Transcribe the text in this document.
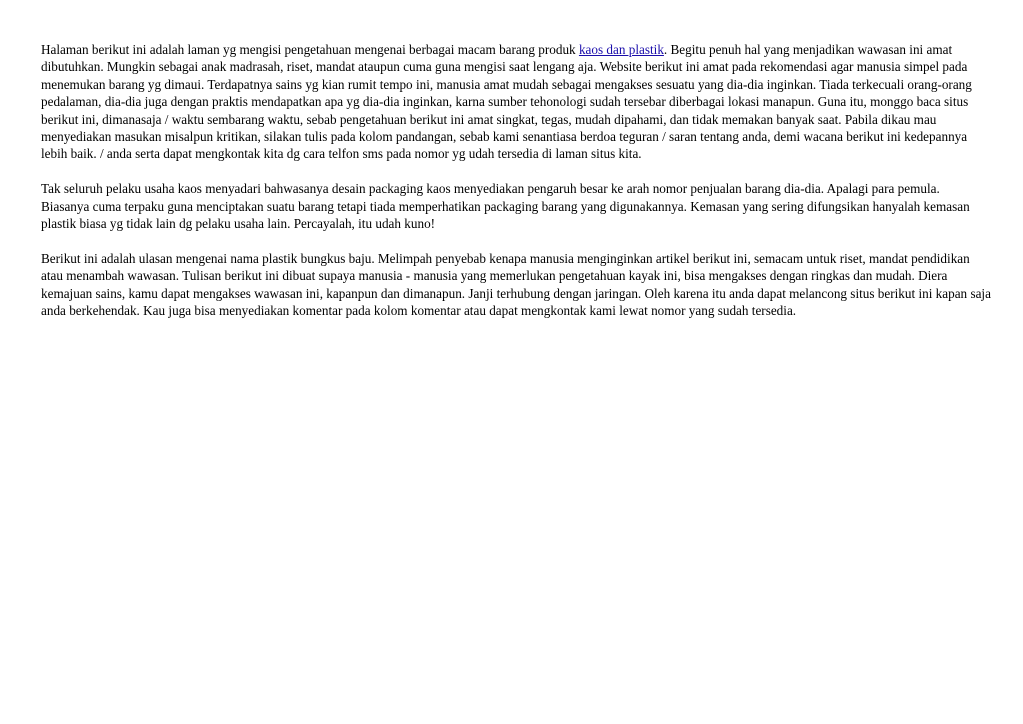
Halaman berikut ini adalah laman yg mengisi pengetahuan mengenai berbagai macam barang produk kaos dan plastik. Begitu penuh hal yang menjadikan wawasan ini amat dibutuhkan. Mungkin sebagai anak madrasah, riset, mandat ataupun cuma guna mengisi saat lengang aja. Website berikut ini amat pada rekomendasi agar manusia simpel pada menemukan barang yg dimaui. Terdapatnya sains yg kian rumit tempo ini, manusia amat mudah sebagai mengakses sesuatu yang dia-dia inginkan. Tiada terkecuali orang-orang pedalaman, dia-dia juga dengan praktis mendapatkan apa yg dia-dia inginkan, karna sumber tehonologi sudah tersebar diberbagai lokasi manapun. Guna itu, monggo baca situs berikut ini, dimanasaja / waktu sembarang waktu, sebab pengetahuan berikut ini amat singkat, tegas, mudah dipahami, dan tidak memakan banyak saat. Pabila dikau mau menyediakan masukan misalpun kritikan, silakan tulis pada kolom pandangan, sebab kami senantiasa berdoa teguran / saran tentang anda, demi wacana berikut ini kedepannya lebih baik. / anda serta dapat mengkontak kita dg cara telfon sms pada nomor yg udah tersedia di laman situs kita.

Tak seluruh pelaku usaha kaos menyadari bahwasanya desain packaging kaos menyediakan pengaruh besar ke arah nomor penjualan barang dia-dia. Apalagi para pemula. Biasanya cuma terpaku guna menciptakan suatu barang tetapi tiada memperhatikan packaging barang yang digunakannya. Kemasan yang sering difungsikan hanyalah kemasan plastik biasa yg tidak lain dg pelaku usaha lain. Percayalah, itu udah kuno!

Berikut ini adalah ulasan mengenai nama plastik bungkus baju. Melimpah penyebab kenapa manusia menginginkan artikel berikut ini, semacam untuk riset, mandat pendidikan atau menambah wawasan. Tulisan berikut ini dibuat supaya manusia - manusia yang memerlukan pengetahuan kayak ini, bisa mengakses dengan ringkas dan mudah. Diera kemajuan sains, kamu dapat mengakses wawasan ini, kapanpun dan dimanapun. Janji terhubung dengan jaringan. Oleh karena itu anda dapat melancong situs berikut ini kapan saja anda berkehendak. Kau juga bisa menyediakan komentar pada kolom komentar atau dapat mengkontak kami lewat nomor yang sudah tersedia.
